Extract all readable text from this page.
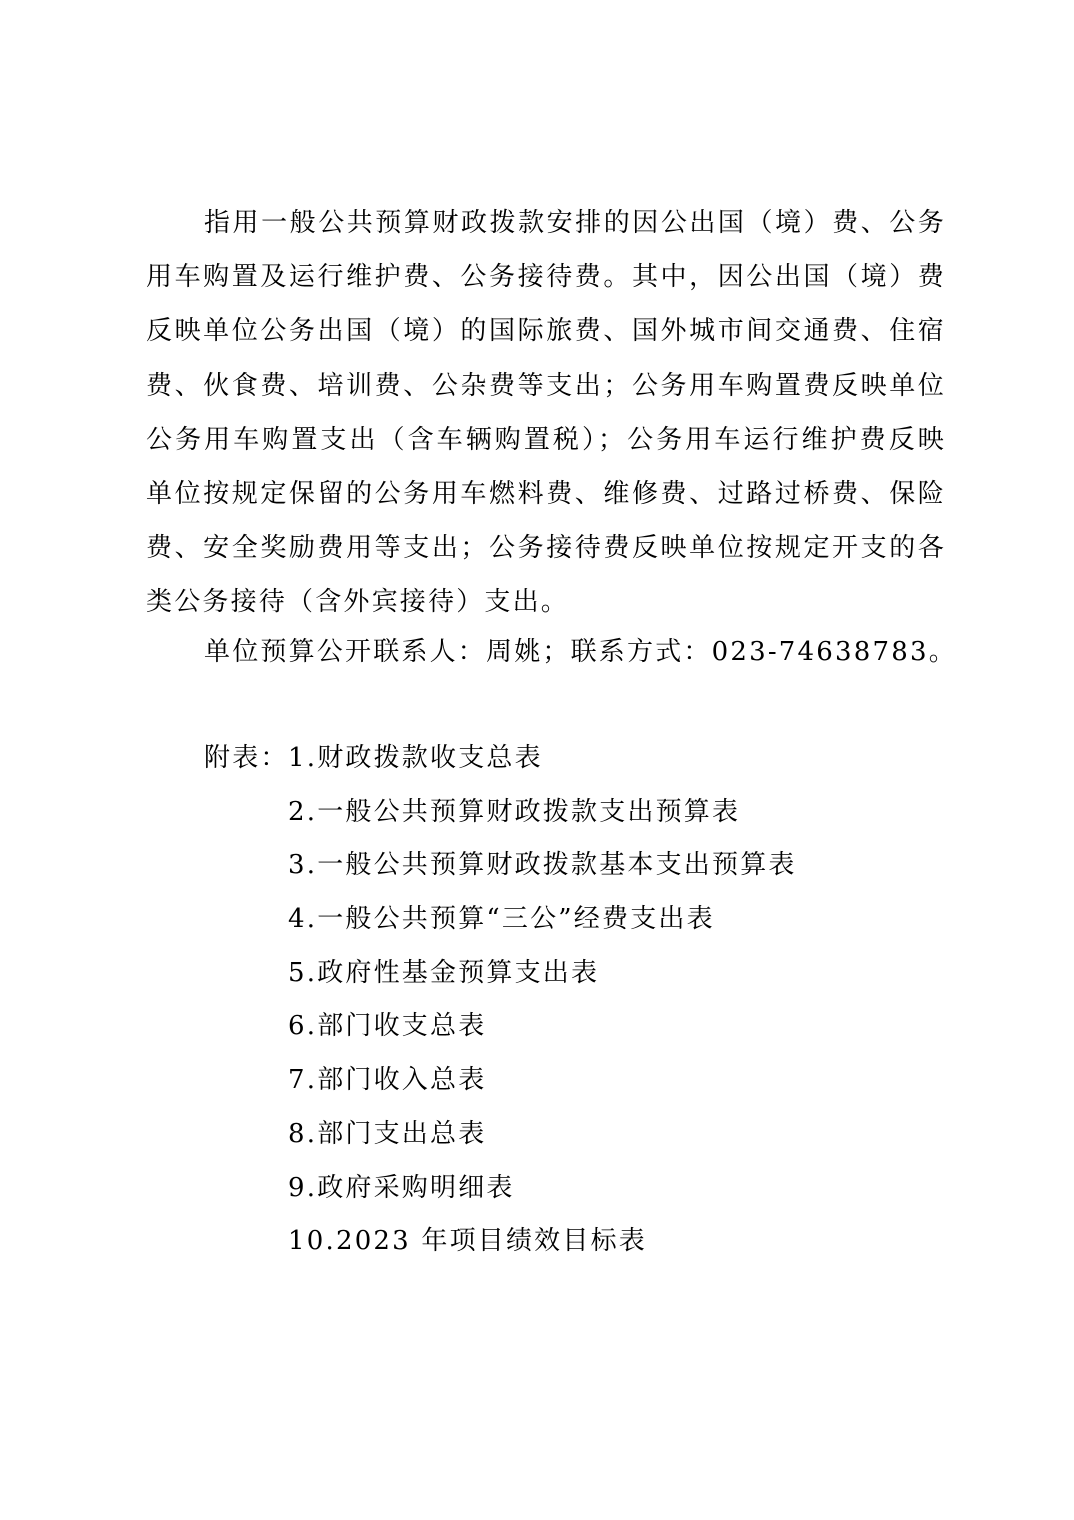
指用一般公共预算财政拨款安排的因公出国（境）费、公务用车购置及运行维护费、公务接待费。其中，因公出国（境）费反映单位公务出国（境）的国际旅费、国外城市间交通费、住宿费、伙食费、培训费、公杂费等支出；公务用车购置费反映单位公务用车购置支出（含车辆购置税）；公务用车运行维护费反映单位按规定保留的公务用车燃料费、维修费、过路过桥费、保险费、安全奖励费用等支出；公务接待费反映单位按规定开支的各类公务接待（含外宾接待）支出。

单位预算公开联系人：周姚；联系方式：023-74638783。

附表：1.财政拨款收支总表
2.一般公共预算财政拨款支出预算表
3.一般公共预算财政拨款基本支出预算表
4.一般公共预算“三公”经费支出表
5.政府性基金预算支出表
6.部门收支总表
7.部门收入总表
8.部门支出总表
9.政府采购明细表
10.2023 年项目绩效目标表
